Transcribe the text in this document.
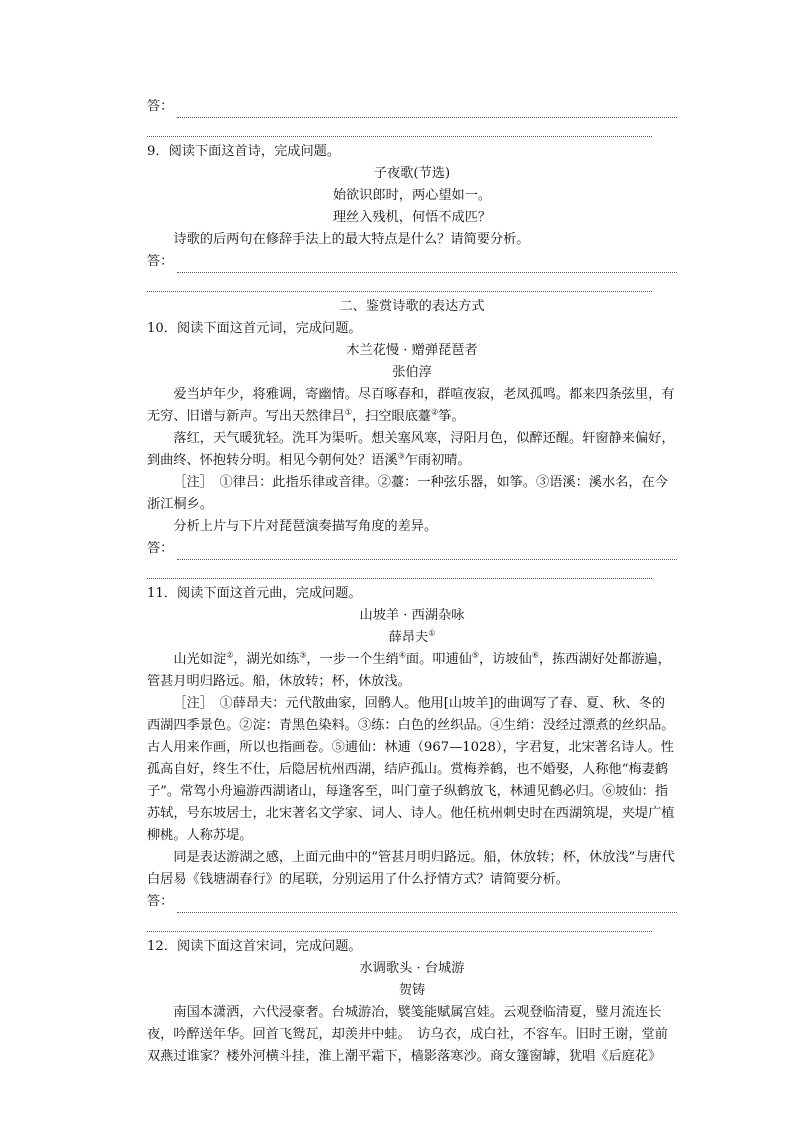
答：

9．阅读下面这首诗，完成问题。

子夜歌(节选)

始欲识郎时，两心望如一。

理丝入残机，何悟不成匹？

诗歌的后两句在修辞手法上的最大特点是什么？请简要分析。

答：

二、鉴赏诗歌的表达方式

10．阅读下面这首元词，完成问题。

木兰花慢 · 赠弹琵琶者

张伯淳

爱当垆年少，将雅调，寄幽情。尽百啄春和，群喧夜寂，老凤孤鸣。都来四条弦里，有无穷、旧谱与新声。写出天然律吕①，扫空眼底薹②筝。

落红，天气暖犹轻。洗耳为渠听。想关塞风寒，浔阳月色，似醉还醒。轩窗静来偏好，到曲终、怀抱转分明。相见今朝何处？语溪③乍雨初晴。

［注］　①律吕：此指乐律或音律。②薹：一种弦乐器，如筝。③语溪：溪水名，在今浙江桐乡。

分析上片与下片对琵琶演奏描写角度的差异。

答：

11．阅读下面这首元曲，完成问题。

山坡羊 · 西湖杂咏

薛昂夫①

山光如淀②，湖光如练③，一步一个生绡④面。叩逋仙⑤，访坡仙⑥，拣西湖好处都游遍，管甚月明归路远。船，休放转；杯，休放浅。

［注］　①薛昂夫：元代散曲家，回鹘人。他用[山坡羊]的曲调写了春、夏、秋、冬的西湖四季景色。②淀：青黑色染料。③练：白色的丝织品。④生绡：没经过漂煮的丝织品。古人用来作画，所以也指画卷。⑤逋仙：林逋（967—1028），字君复，北宋著名诗人。性孤高自好，终生不仕，后隐居杭州西湖，结庐孤山。赏梅养鹤，也不婚娶，人称他“梅妻鹤子”。常驾小舟遍游西湖诸山，每逢客至，叫门童子纵鹤放飞，林逋见鹤必归。⑥坡仙：指苏轼，号东坡居士，北宋著名文学家、词人、诗人。他任杭州刺史时在西湖筑堤，夹堤广植柳桃。人称苏堤。

同是表达游湖之感，上面元曲中的“管甚月明归路远。船，休放转；杯，休放浅”与唐代白居易《钱塘湖春行》的尾联，分别运用了什么抒情方式？请简要分析。

答：

12．阅读下面这首宋词，完成问题。

水调歌头 · 台城游

贺铸

南国本潇洒，六代浸豪奢。台城游冶，襞笺能赋属宫娃。云观登临清夏，璧月流连长夜，吟醉送年华。回首飞鸳瓦，却羡井中蛙。　访乌衣，成白社，不容车。旧时王谢，堂前双燕过谁家？楼外河横斗挂，淮上潮平霜下，樯影落寒沙。商女篷窗罅，犹唱《后庭花》
